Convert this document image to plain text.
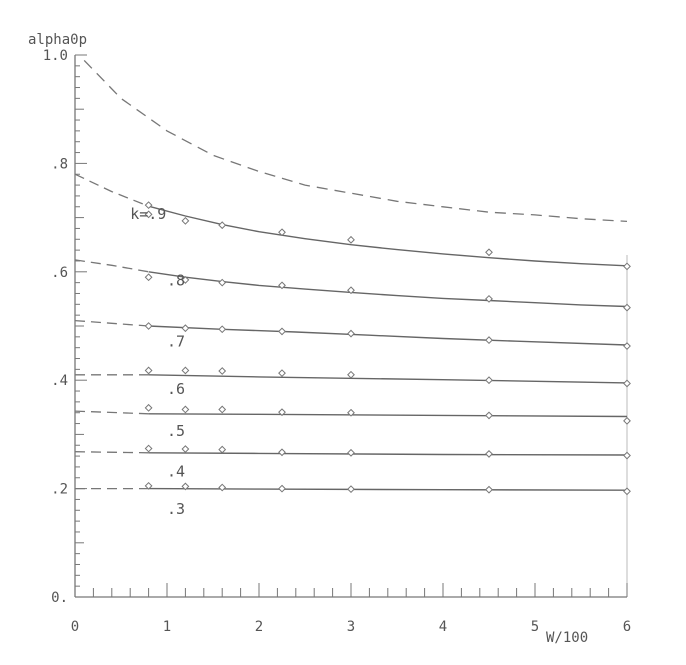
0.
.2
.4
.6
.8
1.0
0	1	2	3	4	5	6
k=.9
.8
.7
.6
.5
.4
.3
alpha0p
W/100
